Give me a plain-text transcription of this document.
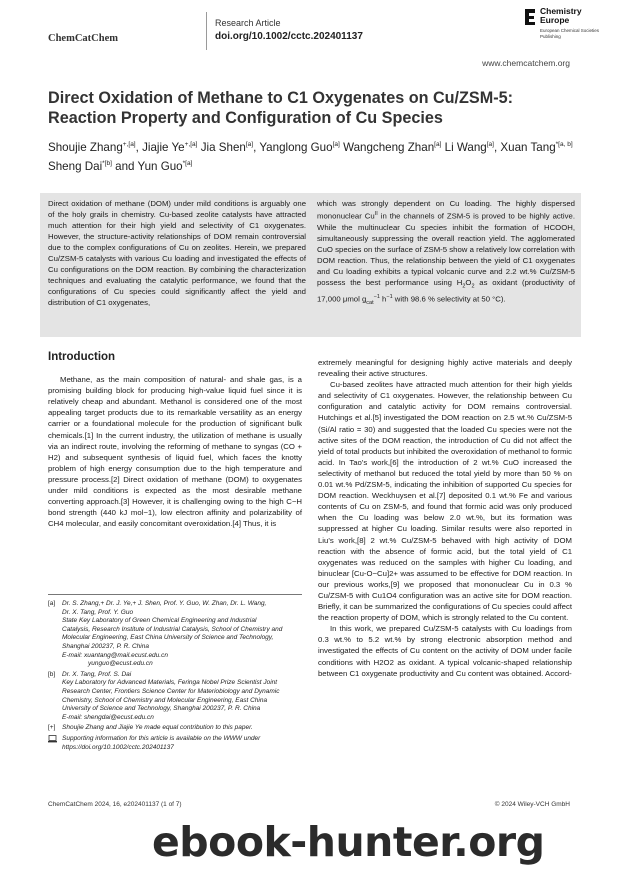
ChemCatChem
Research Article
doi.org/10.1002/cctc.202401137
Chemistry Europe
European Chemical Societies Publishing
www.chemcatchem.org
Direct Oxidation of Methane to C1 Oxygenates on Cu/ZSM-5: Reaction Property and Configuration of Cu Species
Shoujie Zhang$^{+,[a]}$, Jiajie $Ye^{+,[a]}$ Jia Shen[a], Yanglong Guo[a] Wangcheng Zhan[a] Li Wang[a], Xuan Tang$^{*[a, b]}$ Sheng Dai$^{*[b]}$ and Yun Guo$^{*[a]}$
Direct oxidation of methane (DOM) under mild conditions is arguably one of the holy grails in chemistry. Cu-based zeolite catalysts have attracted much attention for their high yield and selectivity of C1 oxygenates. However, the structure-activity relationships of DOM remain controversial due to the complex configurations of Cu on zeolites. Herein, we prepared Cu/ZSM-5 catalysts with various Cu loading and investigated the effects of Cu configurations on the DOM reaction. By combining the characterization techniques and evaluating the catalytic performance, we found that the configurations of Cu species could significantly affect the yield and distribution of C1 oxygenates,
which was strongly dependent on Cu loading. The highly dispersed mononuclear $Cu^{II}$ in the channels of ZSM-5 is proved to be highly active. While the multinuclear Cu species inhibit the formation of HCOOH, simultaneously suppressing the overall reaction yield. The agglomerated CuO species on the surface of ZSM-5 show a relatively low correlation with DOM reaction. Thus, the relationship between the yield of C1 oxygenates and Cu loading exhibits a typical volcanic curve and 2.2 wt.% Cu/ZSM-5 possess the best performance using $H_2O_2$ as oxidant (productivity of 17,000 μmol $g_{cat}^{-1}$ $h^{-1}$ with 98.6 % selectivity at 50 °C).
Introduction

Methane, as the main composition of natural- and shale gas, is a promising building block for producing high-value liquid fuel since it is relatively cheap and abundant. Methanol is considered one of the most appealing target products due to its remarkable versatility as an energy carrier or a foundational molecule for the production of significant bulk chemicals.[1] In the current industry, the utilization of methane is usually via an indirect route, involving the reforming of methane to syngas (CO + H2) and subsequent synthesis of liquid fuel, which faces the knotty problem of high energy consumption due to the high temperature and pressure process.[2] Direct oxidation of methane (DOM) to oxygenates under mild conditions is expected as the most desirable methane converting approach.[3] However, it is challenging owing to the high C−H bond strength (440 kJ mol−1), low electron affinity and polarizability of CH4 molecular, and easily concomitant overoxidation.[4] Thus, it is

[a] Dr. S. Zhang,+ Dr. J. Ye,+ J. Shen, Prof. Y. Guo, W. Zhan, Dr. L. Wang,
Dr. X. Tang, Prof. Y. Guo
State Key Laboratory of Green Chemical Engineering and Industrial
Catalysis, Research Institute of Industrial Catalysis, School of Chemistry and
Molecular Engineering, East China University of Science and Technology,
Shanghai 200237, P. R. China
E-mail: xuantang@mail.ecust.edu.cn
yunguo@ecust.edu.cn
[b] Dr. X. Tang, Prof. S. Dai
Key Laboratory for Advanced Materials, Feringa Nobel Prize Scientist Joint
Research Center, Frontiers Science Center for Materiobiology and Dynamic
Chemistry, School of Chemistry and Molecular Engineering, East China
University of Science and Technology, Shanghai 200237, P. R. China
E-mail: shengdai@ecust.edu.cn
[+] Shoujie Zhang and Jiajie Ye made equal contribution to this paper.
Supporting information for this article is available on the WWW under
https://doi.org/10.1002/cctc.202401137

extremely meaningful for designing highly active materials and deeply revealing their active structures.

Cu-based zeolites have attracted much attention for their high yields and selectivity of C1 oxygenates. However, the relationship between Cu configuration and catalytic activity for DOM remains controversial. Hutchings et al.[5] investigated the DOM reaction on 2.5 wt.% Cu/ZSM-5 (Si/Al ratio = 30) and suggested that the loaded Cu species were not the active sites of the DOM reaction, the introduction of Cu did not affect the yield of total products but inhibited the overoxidation of methanol to formic acid. In Tao's work,[6] the introduction of 2 wt.% CuO increased the selectivity of methanol but reduced the total yield by more than 50 % on 0.01 wt.% Pd/ZSM-5, indicating the inhibition of supported Cu species for DOM reaction. Weckhuysen et al.[7] deposited 0.1 wt.% Fe and various contents of Cu on ZSM-5, and found that formic acid was only produced when the Cu loading was below 2.0 wt.%, but its formation was suppressed at higher Cu loading. Similar results were also reported in Liu's work,[8] 2 wt.% Cu/ZSM-5 behaved with high activity of DOM reaction with the absence of formic acid, but the total yield of C1 oxygenates was reduced on the samples with higher Cu loading, and binuclear [Cu-O−Cu]2+ was assumed to be effective for DOM reaction. In our previous works,[9] we proposed that mononuclear Cu in 0.3 % Cu/ZSM-5 with Cu1O4 configuration was an active site for DOM reaction. Briefly, it can be summarized the configurations of Cu species could affect the reaction property of DOM, which is strongly related to the Cu content.

In this work, we prepared Cu/ZSM-5 catalysts with Cu loadings from 0.3 wt.% to 5.2 wt.% by strong electronic absorption method and investigated the effects of Cu content on the activity of DOM under facile conditions with H2O2 as oxidant. A typical volcanic-shaped relationship between C1 oxygenate productivity and Cu content was obtained. Accord-

ChemCatChem 2024, 16, e202401137 (1 of 7)	© 2024 Wiley-VCH GmbH
ebook-hunter.org
